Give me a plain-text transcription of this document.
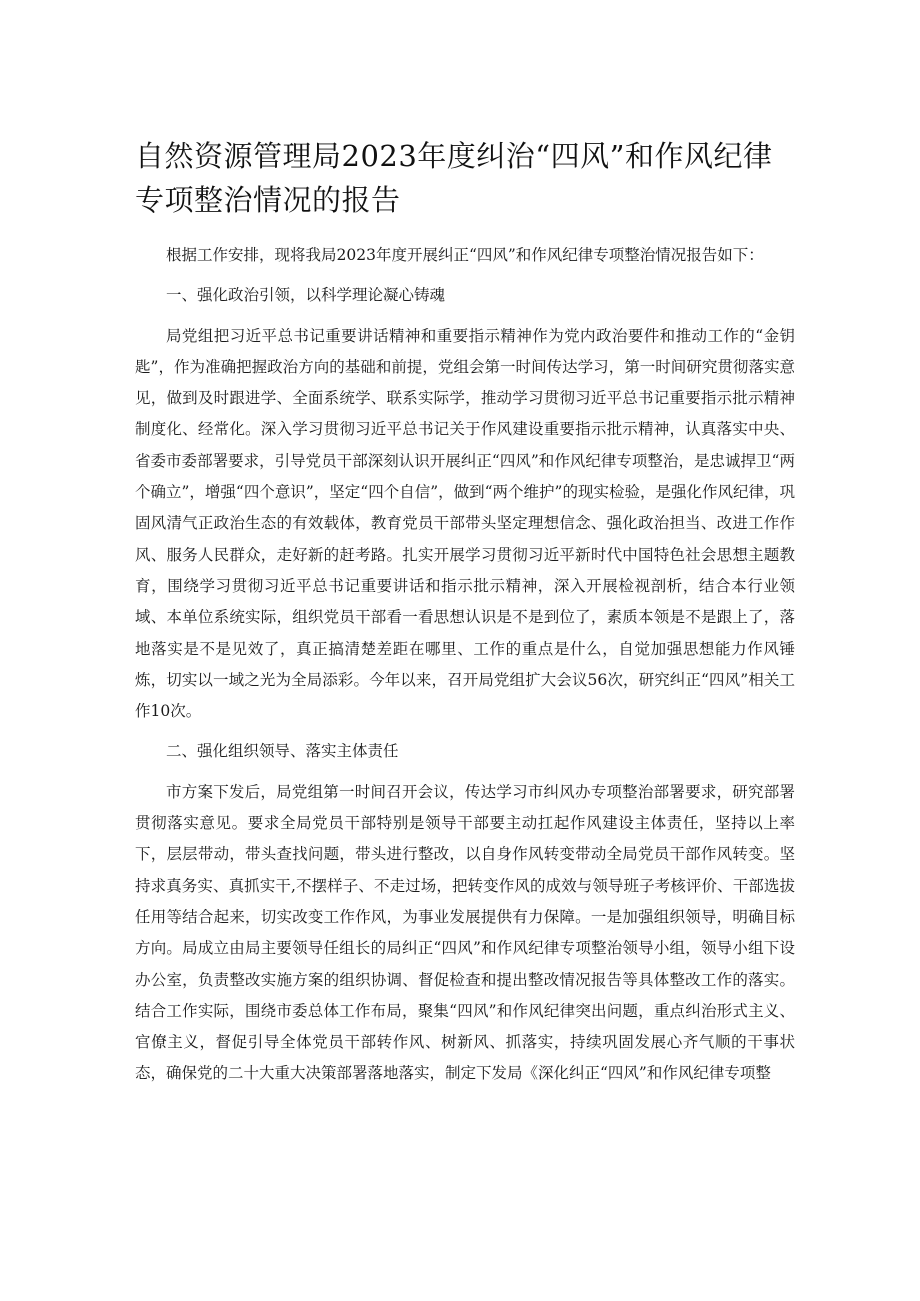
自然资源管理局2023年度纠治“四风”和作风纪律专项整治情况的报告

根据工作安排，现将我局2023年度开展纠正“四风”和作风纪律专项整治情况报告如下：

一、强化政治引领，以科学理论凝心铸魂

局党组把习近平总书记重要讲话精神和重要指示精神作为党内政治要件和推动工作的“金钥匙”，作为准确把握政治方向的基础和前提，党组会第一时间传达学习，第一时间研究贯彻落实意见，做到及时跟进学、全面系统学、联系实际学，推动学习贯彻习近平总书记重要指示批示精神制度化、经常化。深入学习贯彻习近平总书记关于作风建设重要指示批示精神，认真落实中央、省委市委部署要求，引导党员干部深刻认识开展纠正“四风”和作风纪律专项整治，是忠诚捍卫“两个确立”，增强“四个意识”，坚定“四个自信”，做到“两个维护”的现实检验，是强化作风纪律，巩固风清气正政治生态的有效载体，教育党员干部带头坚定理想信念、强化政治担当、改进工作作风、服务人民群众，走好新的赶考路。扎实开展学习贯彻习近平新时代中国特色社会思想主题教育，围绕学习贯彻习近平总书记重要讲话和指示批示精神，深入开展检视剖析，结合本行业领域、本单位系统实际，组织党员干部看一看思想认识是不是到位了，素质本领是不是跟上了，落地落实是不是见效了，真正搞清楚差距在哪里、工作的重点是什么，自觉加强思想能力作风锤炼，切实以一域之光为全局添彩。今年以来，召开局党组扩大会议56次，研究纠正“四风”相关工作10次。

二、强化组织领导、落实主体责任

市方案下发后，局党组第一时间召开会议，传达学习市纠风办专项整治部署要求，研究部署贯彻落实意见。要求全局党员干部特别是领导干部要主动扛起作风建设主体责任，坚持以上率下，层层带动，带头查找问题，带头进行整改，以自身作风转变带动全局党员干部作风转变。坚持求真务实、真抓实干,不摆样子、不走过场，把转变作风的成效与领导班子考核评价、干部选拔任用等结合起来，切实改变工作作风，为事业发展提供有力保障。一是加强组织领导，明确目标方向。局成立由局主要领导任组长的局纠正“四风”和作风纪律专项整治领导小组，领导小组下设办公室，负责整改实施方案的组织协调、督促检查和提出整改情况报告等具体整改工作的落实。结合工作实际，围绕市委总体工作布局，聚集“四风”和作风纪律突出问题，重点纠治形式主义、官僚主义，督促引导全体党员干部转作风、树新风、抓落实，持续巩固发展心齐气顺的干事状态，确保党的二十大重大决策部署落地落实，制定下发局《深化纠正“四风”和作风纪律专项整
